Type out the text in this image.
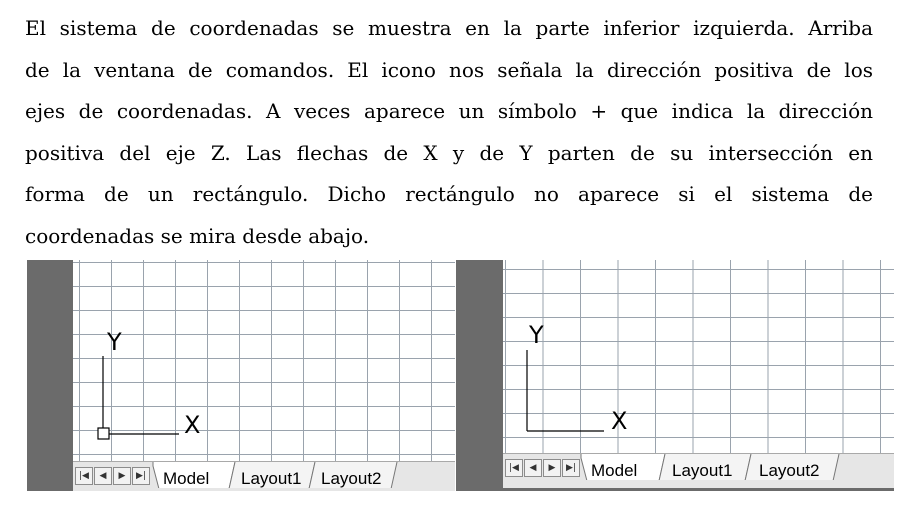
El sistema de coordenadas se muestra en la parte inferior izquierda. Arriba
de la ventana de comandos. El icono nos señala la dirección positiva de los
ejes de coordenadas. A veces aparece un símbolo + que indica la dirección
positiva del eje Z. Las flechas de X y de Y parten de su intersección en
forma de un rectángulo. Dicho rectángulo no aparece si el sistema de
coordenadas se mira desde abajo.
Y
X
|◀	◀	▶	▶| Model Layout1 Layout2
Y
X
|◀	◀	▶	▶| Model Layout1 Layout2
